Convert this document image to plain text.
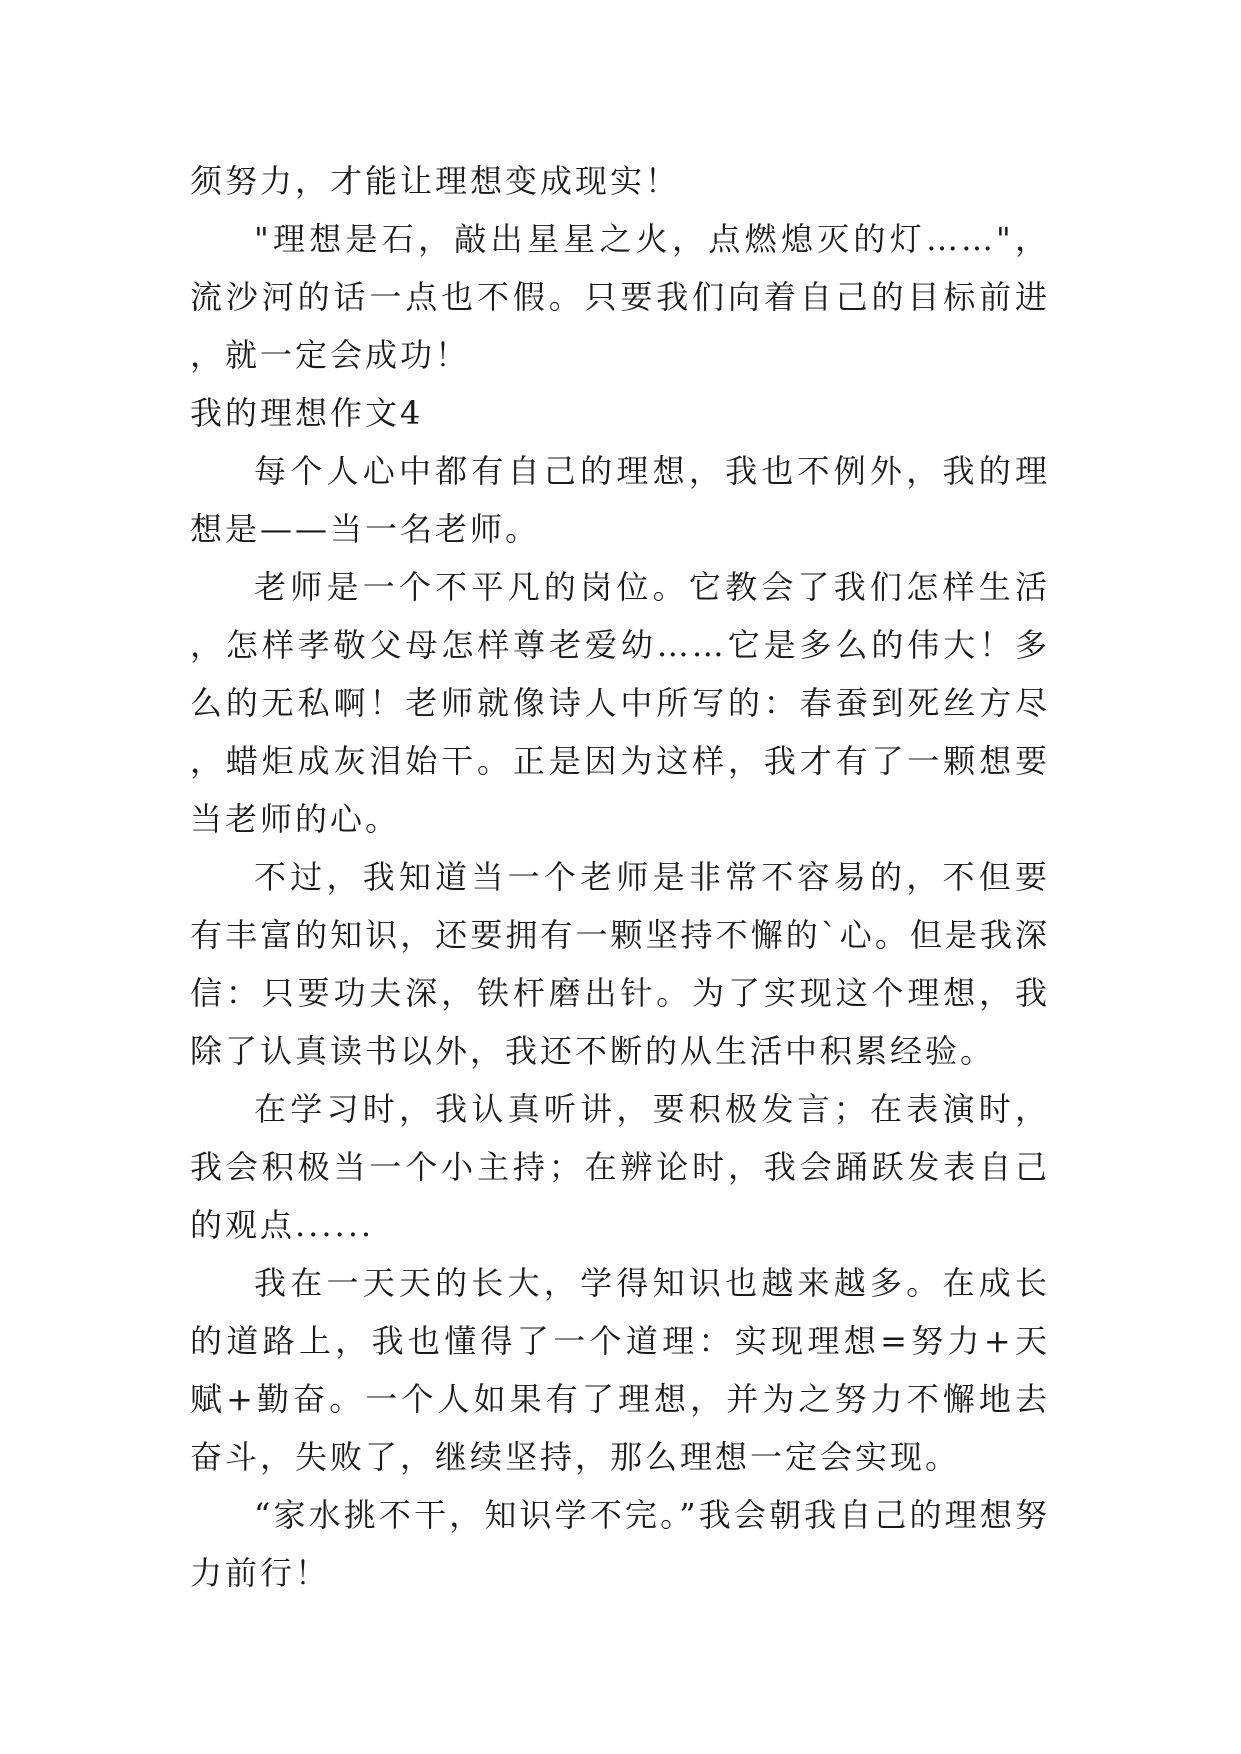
须努力，才能让理想变成现实！

"理想是石，敲出星星之火，点燃熄灭的灯……"，流沙河的话一点也不假。只要我们向着自己的目标前进，就一定会成功！

我的理想作文4

每个人心中都有自己的理想，我也不例外，我的理想是——当一名老师。

老师是一个不平凡的岗位。它教会了我们怎样生活，怎样孝敬父母怎样尊老爱幼……它是多么的伟大！多么的无私啊！老师就像诗人中所写的：春蚕到死丝方尽，蜡炬成灰泪始干。正是因为这样，我才有了一颗想要当老师的心。

不过，我知道当一个老师是非常不容易的，不但要有丰富的知识，还要拥有一颗坚持不懈的`心。但是我深信：只要功夫深，铁杆磨出针。为了实现这个理想，我除了认真读书以外，我还不断的从生活中积累经验。

在学习时，我认真听讲，要积极发言；在表演时，我会积极当一个小主持；在辨论时，我会踊跃发表自己的观点......

我在一天天的长大，学得知识也越来越多。在成长的道路上，我也懂得了一个道理：实现理想=努力+天赋+勤奋。一个人如果有了理想，并为之努力不懈地去奋斗，失败了，继续坚持，那么理想一定会实现。

“家水挑不干，知识学不完。”我会朝我自己的理想努力前行！
